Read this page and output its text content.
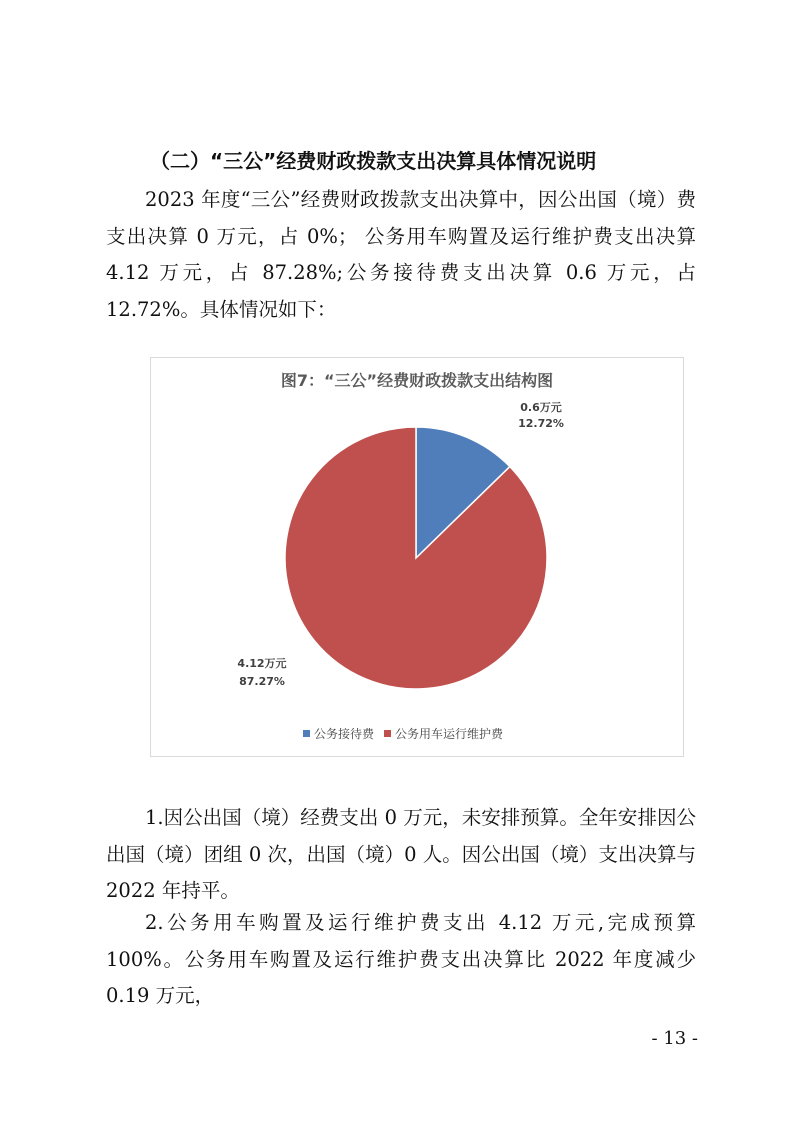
（二）“三公”经费财政拨款支出决算具体情况说明
2023 年度“三公”经费财政拨款支出决算中，因公出国（境）费支出决算 0 万元，占 0%； 公务用车购置及运行维护费支出决算 4.12 万元，占 87.28%;公务接待费支出决算 0.6 万元，占 12.72%。具体情况如下：
图7：“三公”经费财政拨款支出结构图
0.6万元
12.72%
4.12万元
87.27%
公务接待费 公务用车运行维护费
1.因公出国（境）经费支出 0 万元，未安排预算。全年安排因公出国（境）团组 0 次，出国（境）0 人。因公出国（境）支出决算与 2022 年持平。
2.公务用车购置及运行维护费支出 4.12 万元,完成预算 100%。公务用车购置及运行维护费支出决算比 2022 年度减少 0.19 万元，
- 13 -
